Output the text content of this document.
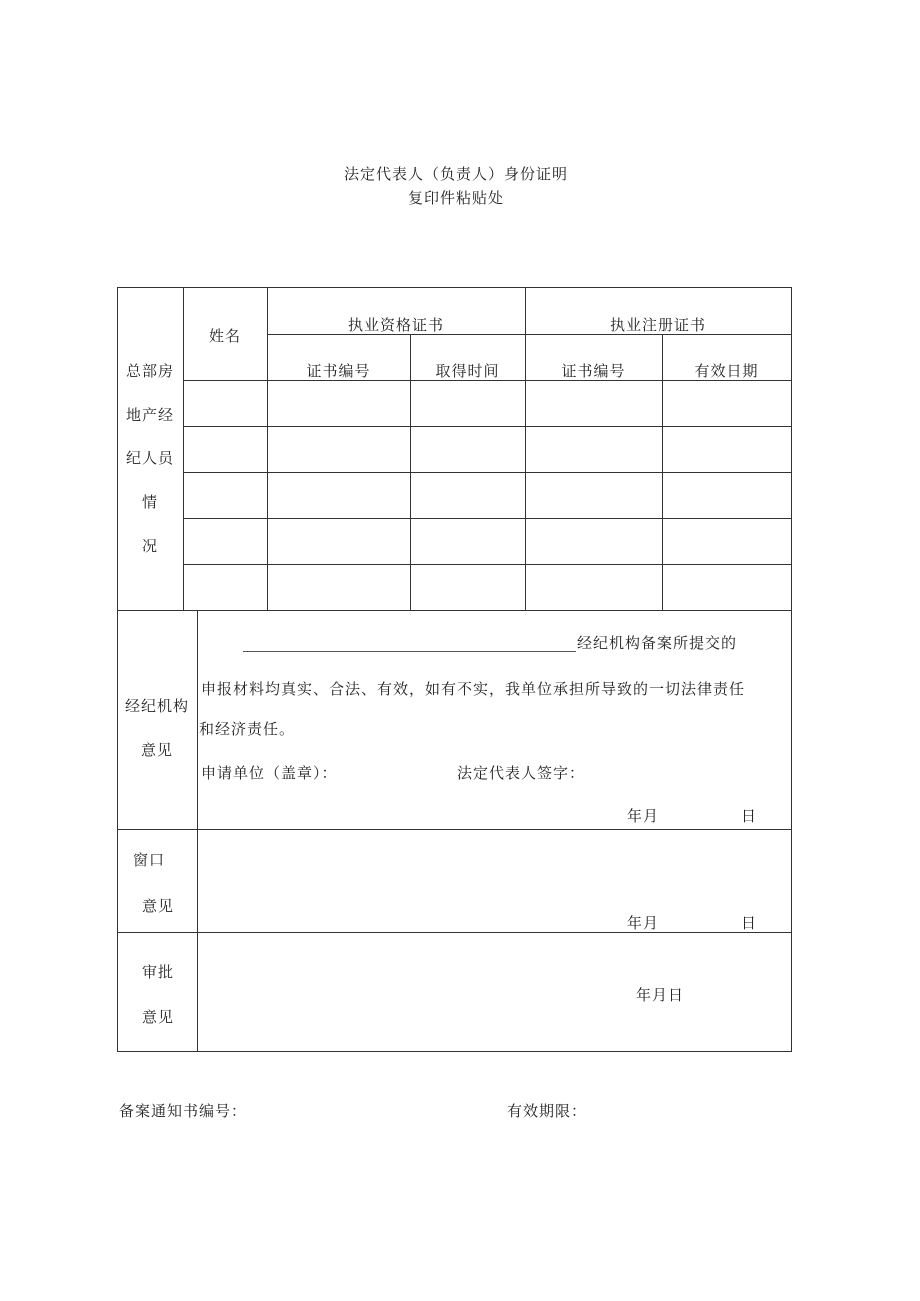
法定代表人（负责人）身份证明
复印件粘贴处
总部房
地产经
纪人员
情
况
姓名
执业资格证书	执业注册证书
证书编号	取得时间	证书编号	有效日期
经纪机构
意见
经纪机构备案所提交的
申报材料均真实、合法、有效，如有不实，我单位承担所导致的一切法律责任
和经济责任。
申请单位（盖章）：	法定代表人签字：
年月	日
窗口
意见
年月	日
审批
意见
年月日
备案通知书编号：	有效期限：
